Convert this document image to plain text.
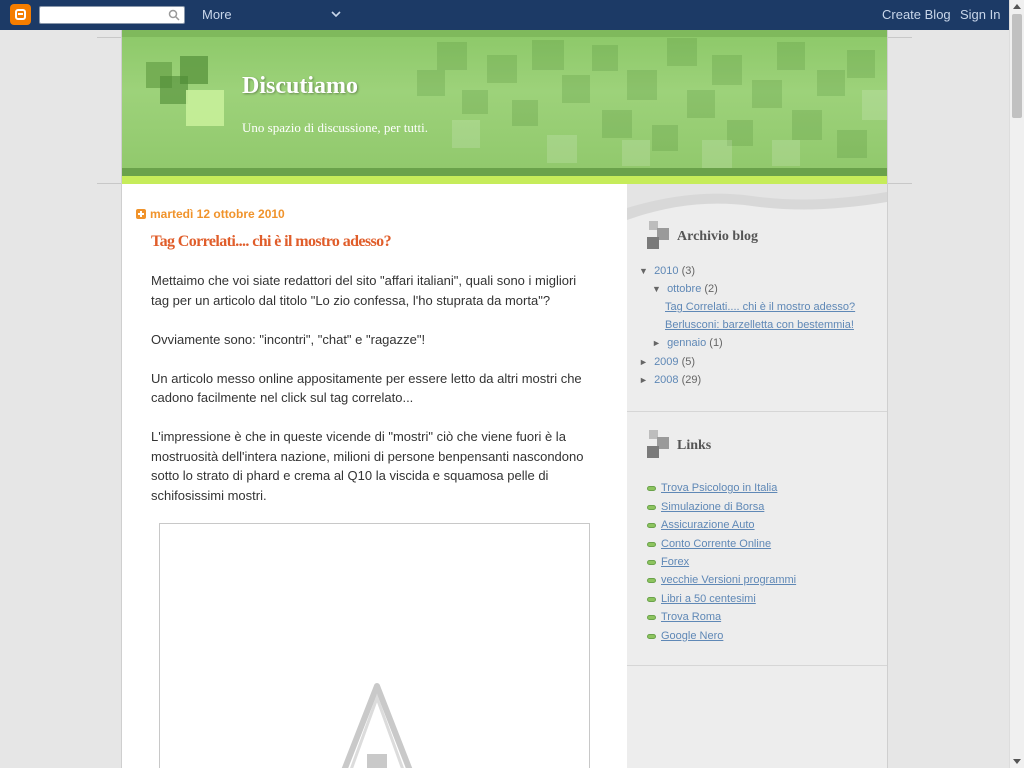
More	Create Blog Sign In
Discutiamo
Uno spazio di discussione, per tutti.
martedì 12 ottobre 2010
Tag Correlati.... chi è il mostro adesso?

Mettaimo che voi siate redattori del sito "affari italiani", quali sono i migliori tag per un articolo dal titolo "Lo zio confessa, l'ho stuprata da morta"?

Ovviamente sono: "incontri", "chat" e "ragazze"!

Un articolo messo online appositamente per essere letto da altri mostri che cadono facilmente nel click sul tag correlato...

L'impressione è che in queste vicende di "mostri" ciò che viene fuori è la mostruosità dell'intera nazione, milioni di persone benpensanti nascondono sotto lo strato di phard e crema al Q10 la viscida e squamosa pelle di schifosissimi mostri.

Archivio blog
▼ 2010 (3)
▼ ottobre (2)
Tag Correlati.... chi è il mostro adesso?
Berlusconi: barzelletta con bestemmia!
► gennaio (1)
► 2009 (5)
► 2008 (29)
Links
Trova Psicologo in Italia
Simulazione di Borsa
Assicurazione Auto
Conto Corrente Online
Forex
vecchie Versioni programmi
Libri a 50 centesimi
Trova Roma
Google Nero
